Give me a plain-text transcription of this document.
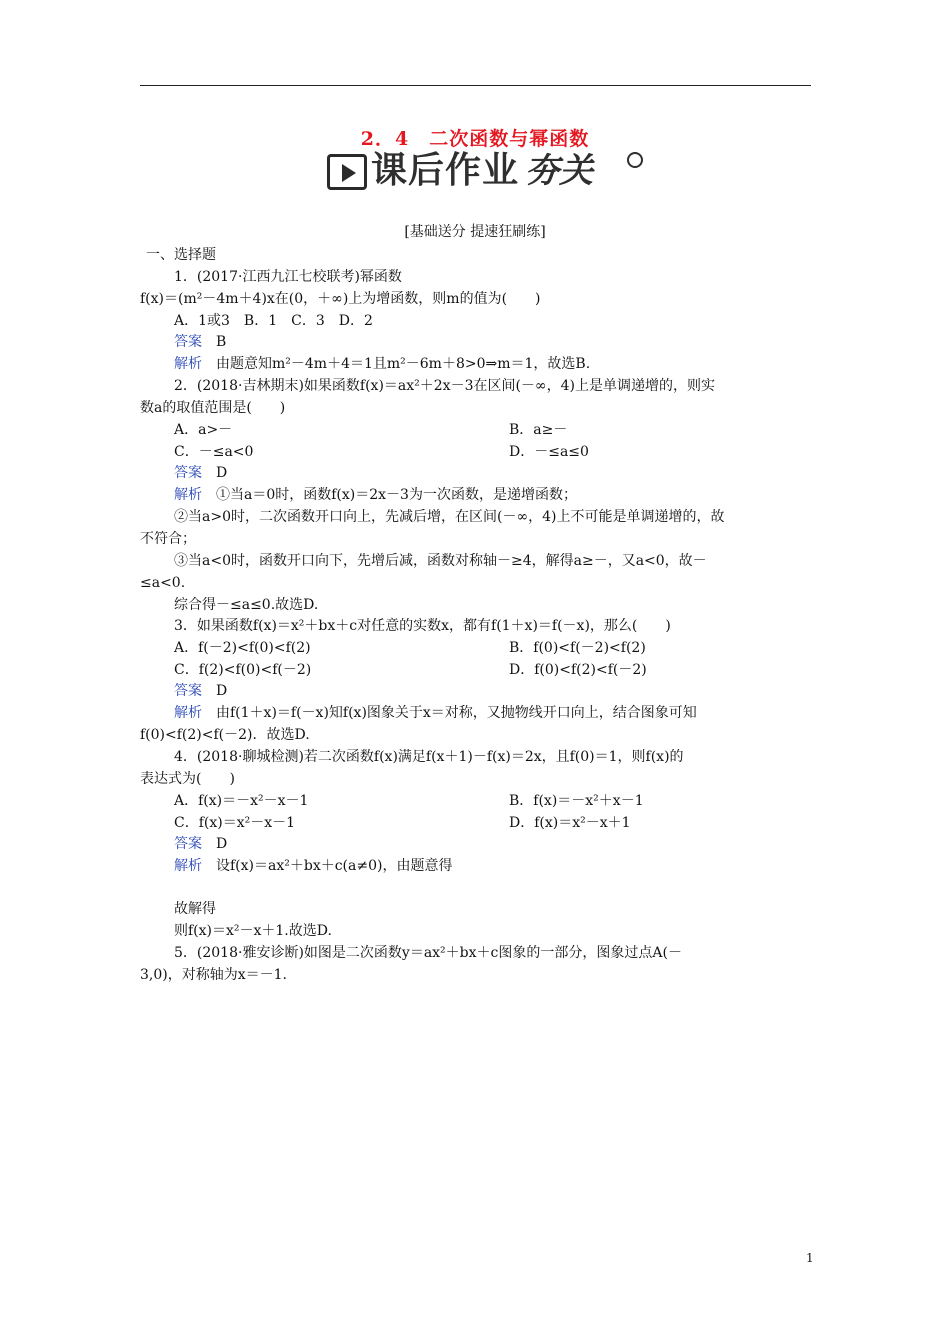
2．4　二次函数与幂函数
课后作业 夯关
[基础送分 提速狂刷练]
一、选择题
1．(2017·江西九江七校联考)幂函数
f(x)＝(m²－4m＋4)x在(0，＋∞)上为增函数，则m的值为(　　)
A．1或3　B．1　C．3　D．2
答案　 B
解析　 由题意知m²－4m＋4＝1且m²－6m＋8>0⇒m＝1，故选B.
2．(2018·吉林期末)如果函数f(x)＝ax²＋2x－3在区间(－∞，4)上是单调递增的，则实
数a的取值范围是(　　)
A．a>－	B．a≥－
C．－≤a<0	D．－≤a≤0
答案　 D
解析　 ①当a＝0时，函数f(x)＝2x－3为一次函数，是递增函数；
②当a>0时，二次函数开口向上，先减后增，在区间(－∞，4)上不可能是单调递增的，故
不符合；
③当a<0时，函数开口向下，先增后减，函数对称轴－≥4，解得a≥－，又a<0，故－
≤a<0.
综合得－≤a≤0.故选D.
3．如果函数f(x)＝x²＋bx＋c对任意的实数x，都有f(1＋x)＝f(－x)，那么(　　)
A．f(－2)<f(0)<f(2)	B．f(0)<f(－2)<f(2)
C．f(2)<f(0)<f(－2)	D．f(0)<f(2)<f(－2)
答案　 D
解析　 由f(1＋x)＝f(－x)知f(x)图象关于x＝对称，又抛物线开口向上，结合图象可知
f(0)<f(2)<f(－2)．故选D.
4．(2018·聊城检测)若二次函数f(x)满足f(x＋1)－f(x)＝2x，且f(0)＝1，则f(x)的
表达式为(　　)
A．f(x)＝－x²－x－1	B．f(x)＝－x²＋x－1
C．f(x)＝x²－x－1	D．f(x)＝x²－x＋1
答案　 D
解析　 设f(x)＝ax²＋bx＋c(a≠0)，由题意得
故解得
则f(x)＝x²－x＋1.故选D.
5．(2018·雅安诊断)如图是二次函数y＝ax²＋bx＋c图象的一部分，图象过点A(－
3,0)，对称轴为x＝－1.
1
